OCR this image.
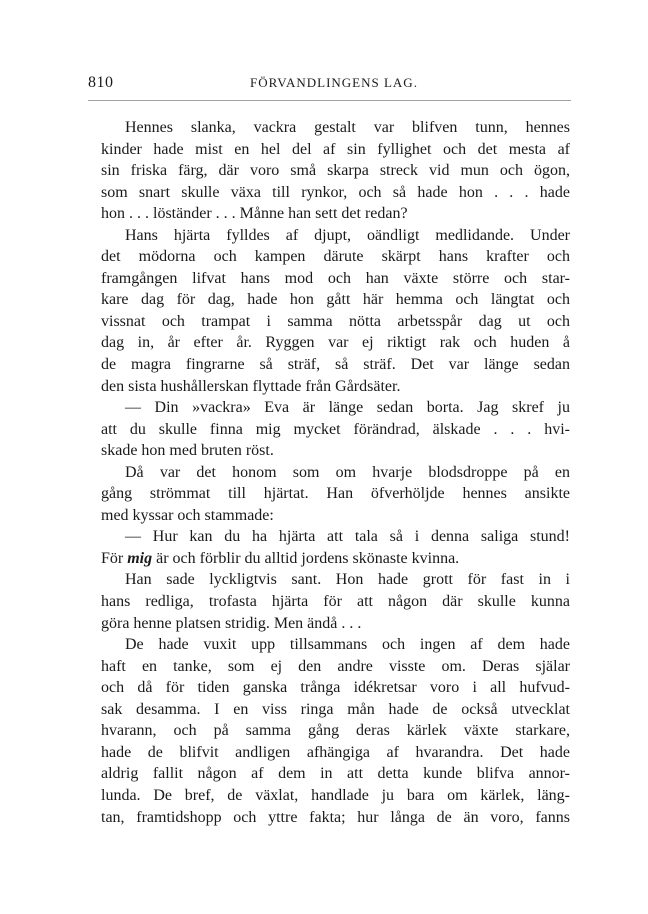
810	FÖRVANDLINGENS LAG.
Hennes slanka, vackra gestalt var blifven tunn, hennes
kinder hade mist en hel del af sin fyllighet och det mesta af
sin friska färg, där voro små skarpa streck vid mun och ögon,
som snart skulle växa till rynkor, och så hade hon . . . hade
hon . . . löständer . . . Månne han sett det redan?
Hans hjärta fylldes af djupt, oändligt medlidande. Under
det mödorna och kampen därute skärpt hans krafter och
framgången lifvat hans mod och han växte större och star-
kare dag för dag, hade hon gått här hemma och längtat och
vissnat och trampat i samma nötta arbetsspår dag ut och
dag in, år efter år. Ryggen var ej riktigt rak och huden å
de magra fingrarne så sträf, så sträf. Det var länge sedan
den sista hushållerskan flyttade från Gårdsäter.
— Din »vackra» Eva är länge sedan borta. Jag skref ju
att du skulle finna mig mycket förändrad, älskade . . . hvi-
skade hon med bruten röst.
Då var det honom som om hvarje blodsdroppe på en
gång strömmat till hjärtat. Han öfverhöljde hennes ansikte
med kyssar och stammade:
— Hur kan du ha hjärta att tala så i denna saliga stund!
För mig är och förblir du alltid jordens skönaste kvinna.
Han sade lyckligtvis sant. Hon hade grott för fast in i
hans redliga, trofasta hjärta för att någon där skulle kunna
göra henne platsen stridig. Men ändå . . .
De hade vuxit upp tillsammans och ingen af dem hade
haft en tanke, som ej den andre visste om. Deras själar
och då för tiden ganska trånga idékretsar voro i all hufvud-
sak desamma. I en viss ringa mån hade de också utvecklat
hvarann, och på samma gång deras kärlek växte starkare,
hade de blifvit andligen afhängiga af hvarandra. Det hade
aldrig fallit någon af dem in att detta kunde blifva annor-
lunda. De bref, de växlat, handlade ju bara om kärlek, läng-
tan, framtidshopp och yttre fakta; hur långa de än voro, fanns
